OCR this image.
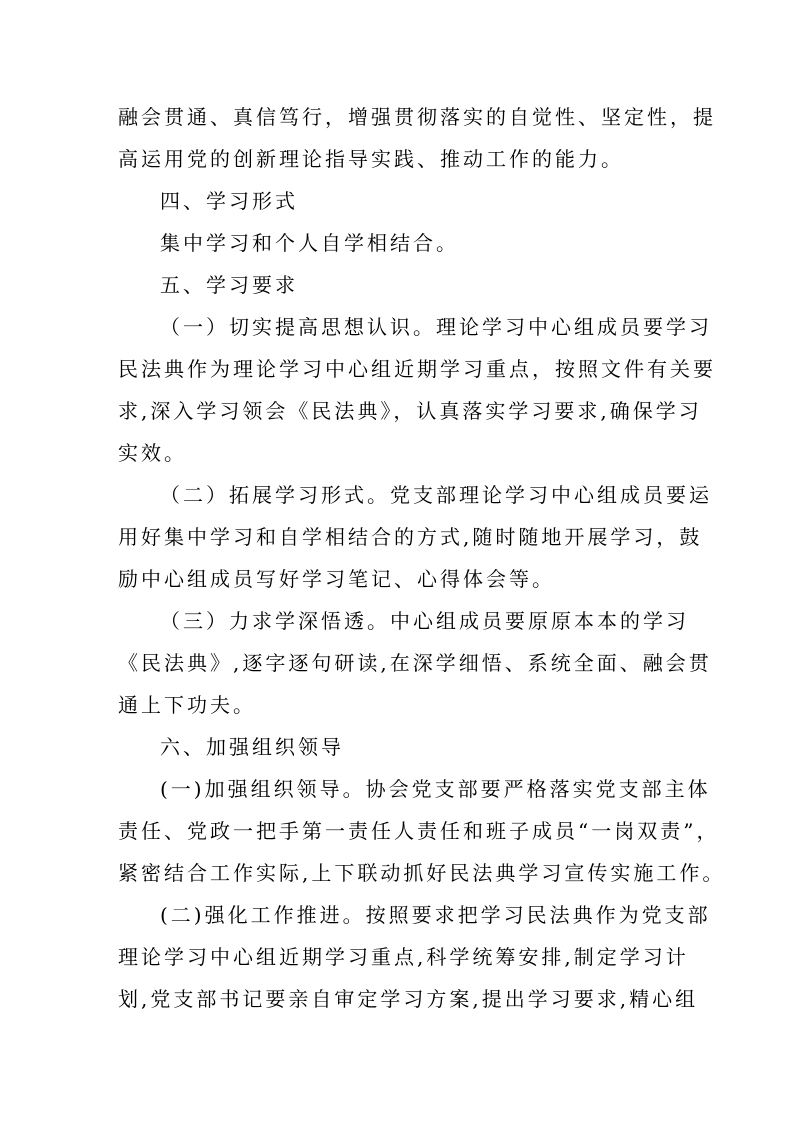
融会贯通、真信笃行，增强贯彻落实的自觉性、坚定性，提
高运用党的创新理论指导实践、推动工作的能力。
四、学习形式
集中学习和个人自学相结合。
五、学习要求
（一）切实提高思想认识。理论学习中心组成员要学习
民法典作为理论学习中心组近期学习重点，按照文件有关要
求,深入学习领会《民法典》，认真落实学习要求,确保学习
实效。
（二）拓展学习形式。党支部理论学习中心组成员要运
用好集中学习和自学相结合的方式,随时随地开展学习，鼓
励中心组成员写好学习笔记、心得体会等。
（三）力求学深悟透。中心组成员要原原本本的学习
《民法典》,逐字逐句研读,在深学细悟、系统全面、融会贯
通上下功夫。
六、加强组织领导
(一)加强组织领导。协会党支部要严格落实党支部主体
责任、党政一把手第一责任人责任和班子成员“一岗双责”，
紧密结合工作实际,上下联动抓好民法典学习宣传实施工作。
(二)强化工作推进。按照要求把学习民法典作为党支部
理论学习中心组近期学习重点,科学统筹安排,制定学习计
划,党支部书记要亲自审定学习方案,提出学习要求,精心组
